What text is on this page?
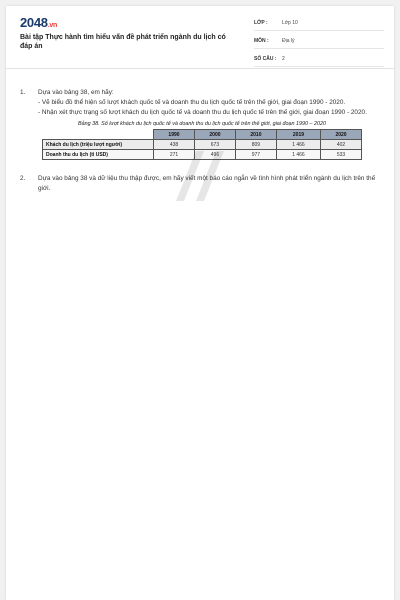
2048.vn
Bài tập Thực hành tìm hiểu vấn đề phát triển ngành du lịch có đáp án
LỚP :	Lớp 10
MÔN :	Địa lý
SỐ CÂU :	2
1.	Dựa vào bảng 38, em hãy:

- Vẽ biểu đồ thể hiện số lượt khách quốc tế và doanh thu du lịch quốc tế trên thế giới, giai đoạn 1990 - 2020.

- Nhận xét thực trạng số lượt khách du lịch quốc tế và doanh thu du lịch quốc tế trên thế giới, giai đoạn 1990 - 2020.

Bảng 38. Số lượt khách du lịch quốc tế và doanh thu du lịch quốc tế trên thế giới, giai đoạn 1990 – 2020
	1990	2000	2010	2019	2020
Khách du lịch (triệu lượt người)	438	673	809	1 466	402
Doanh thu du lịch (tỉ USD)	271	496	977	1 466	533
2.	Dựa vào bảng 38 và dữ liệu thu thập được, em hãy viết một báo cáo ngắn về tình hình phát triển ngành du lịch trên thế giới.
